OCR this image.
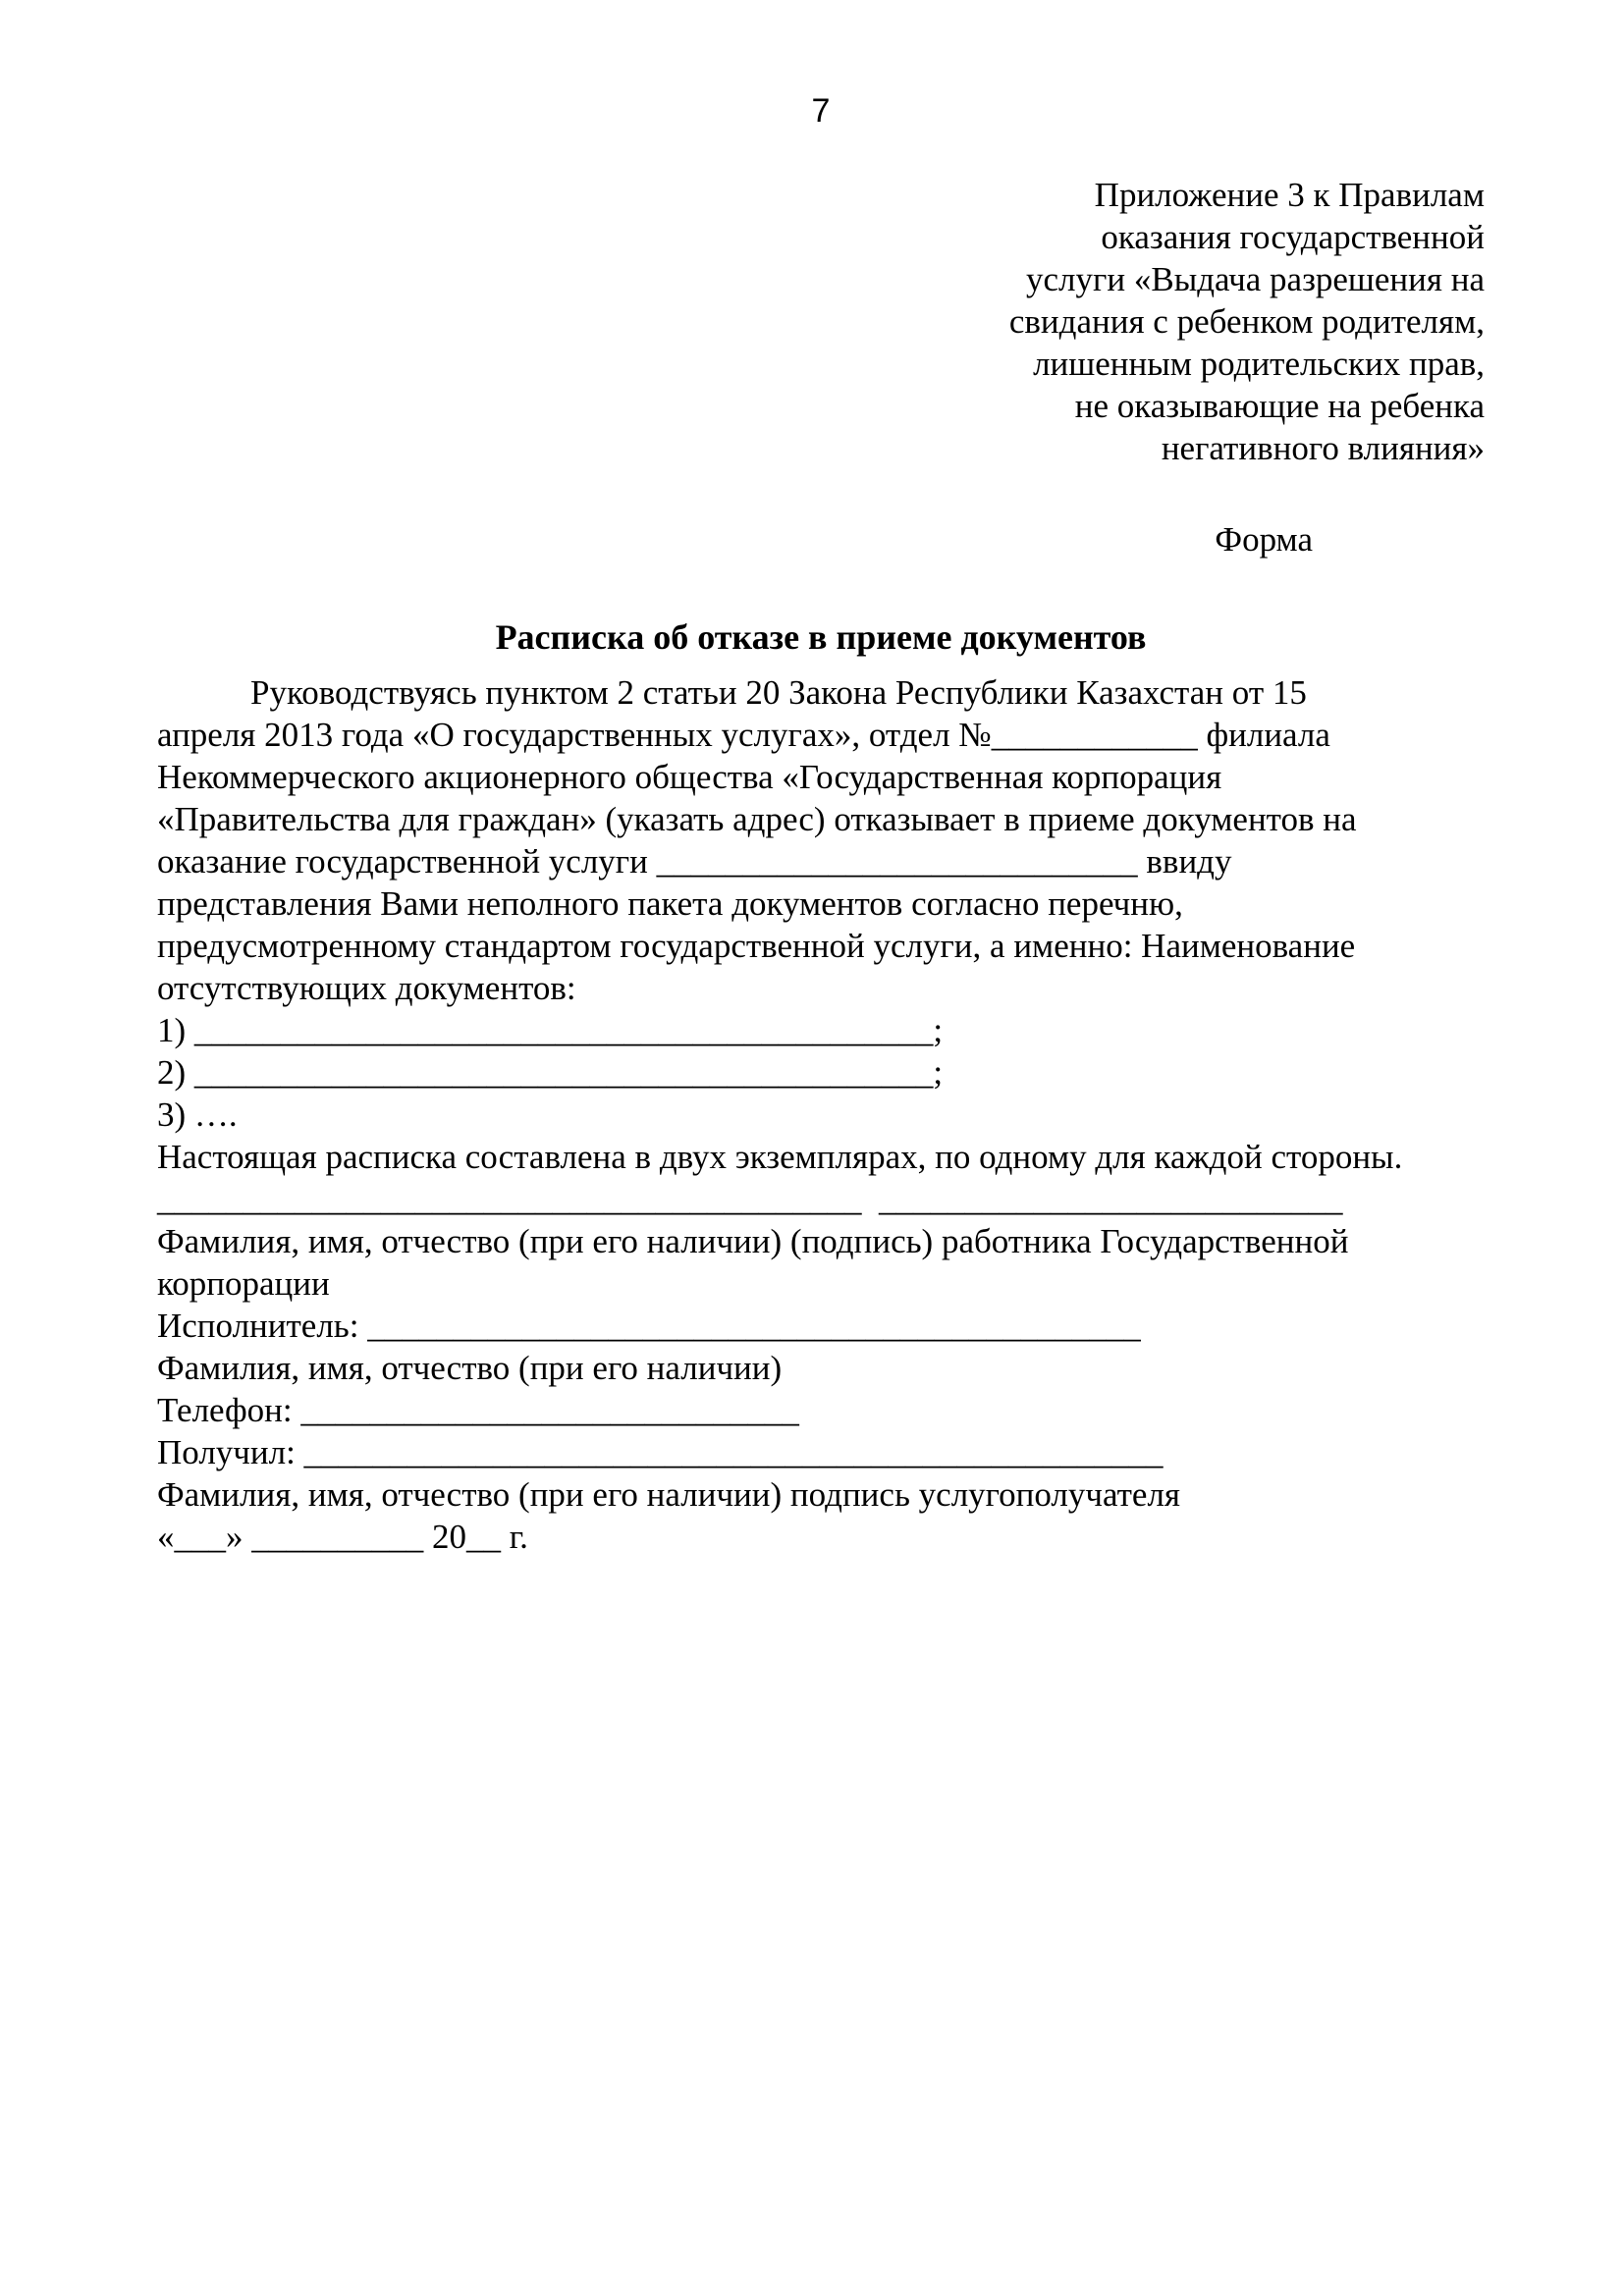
7
Приложение 3 к Правилам
оказания государственной
услуги «Выдача разрешения на
свидания с ребенком родителям,
лишенным родительских прав,
не оказывающие на ребенка
негативного влияния»
Форма
Расписка об отказе в приеме документов
Руководствуясь пунктом 2 статьи 20 Закона Республики Казахстан от 15
апреля 2013 года «О государственных услугах», отдел №____________ филиала
Некоммерческого акционерного общества «Государственная корпорация
«Правительства для граждан» (указать адрес) отказывает в приеме документов на
оказание государственной услуги ____________________________ ввиду
представления Вами неполного пакета документов согласно перечню,
предусмотренному стандартом государственной услуги, а именно: Наименование
отсутствующих документов:
1) ___________________________________________;
2) ___________________________________________;
3) ….
Настоящая расписка составлена в двух экземплярах, по одному для каждой стороны.
_________________________________________  ___________________________
Фамилия, имя, отчество (при его наличии) (подпись) работника Государственной
корпорации
Исполнитель: _____________________________________________
Фамилия, имя, отчество (при его наличии)
Телефон: _____________________________
Получил: __________________________________________________
Фамилия, имя, отчество (при его наличии) подпись услугополучателя
«___» __________ 20__ г.
